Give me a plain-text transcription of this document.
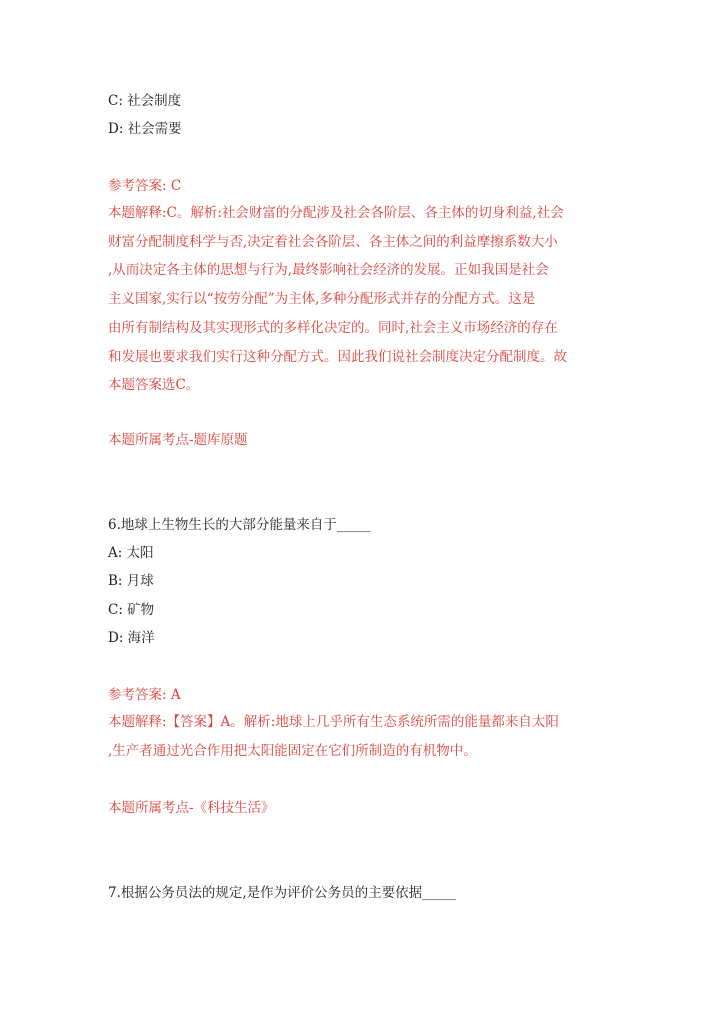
C: 社会制度
D: 社会需要
参考答案: C
本题解释:C。解析:社会财富的分配涉及社会各阶层、各主体的切身利益,社会
财富分配制度科学与否,决定着社会各阶层、各主体之间的利益摩擦系数大小
,从而决定各主体的思想与行为,最终影响社会经济的发展。正如我国是社会
主义国家,实行以“按劳分配”为主体,多种分配形式并存的分配方式。这是
由所有制结构及其实现形式的多样化决定的。同时,社会主义市场经济的存在
和发展也要求我们实行这种分配方式。因此我们说社会制度决定分配制度。故
本题答案选C。
本题所属考点-题库原题
6.地球上生物生长的大部分能量来自于_____
A: 太阳
B: 月球
C: 矿物
D: 海洋
参考答案: A
本题解释:【答案】A。解析:地球上几乎所有生态系统所需的能量都来自太阳
,生产者通过光合作用把太阳能固定在它们所制造的有机物中。
本题所属考点-《科技生活》
7.根据公务员法的规定,是作为评价公务员的主要依据_____
